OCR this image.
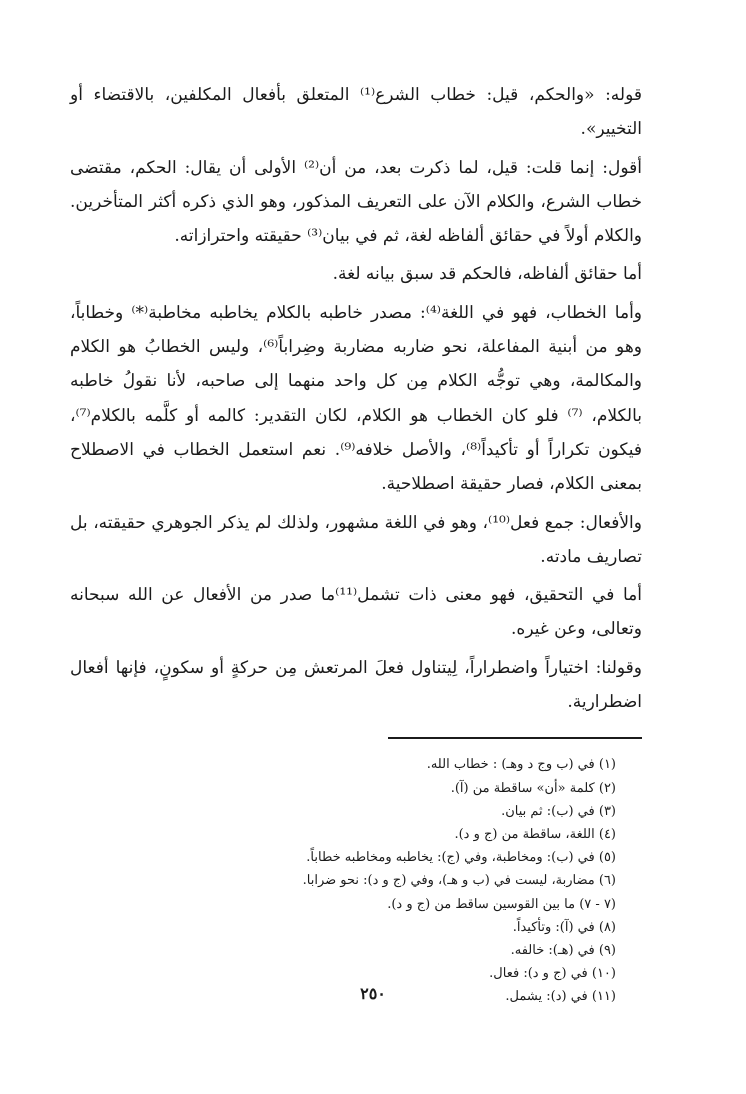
قوله: «والحكم، قيل: خطاب الشرع⁽¹⁾ المتعلق بأفعال المكلفين، بالاقتضاء أو التخيير».

أقول: إنما قلت: قيل، لما ذكرت بعد، من أن⁽²⁾ الأولى أن يقال: الحكم، مقتضى خطاب الشرع، والكلام الآن على التعريف المذكور، وهو الذي ذكره أكثر المتأخرين. والكلام أولاً في حقائق ألفاظه لغة، ثم في بيان⁽³⁾ حقيقته واحترازاته.

أما حقائق ألفاظه، فالحكم قد سبق بيانه لغة.

وأما الخطاب، فهو في اللغة⁽⁴⁾: مصدر خاطبه بالكلام يخاطبه مخاطبة⁽*⁾ وخطاباً، وهو من أبنية المفاعلة، نحو ضاربه مضاربة وضِراباً⁽⁶⁾، وليس الخطابُ هو الكلام والمكالمة، وهي توجُّه الكلام مِن كل واحد منهما إلى صاحبه، لأنا نقولُ خاطبه بالكلام، ⁽⁷⁾ فلو كان الخطاب هو الكلام، لكان التقدير: كالمه أو كلَّمه بالكلام⁽⁷⁾، فيكون تكراراً أو تأكيداً⁽⁸⁾، والأصل خلافه⁽⁹⁾. نعم استعمل الخطاب في الاصطلاح بمعنى الكلام، فصار حقيقة اصطلاحية.

والأفعال: جمع فعل⁽¹⁰⁾، وهو في اللغة مشهور، ولذلك لم يذكر الجوهري حقيقته، بل تصاريف مادته.

أما في التحقيق، فهو معنى ذات تشمل⁽¹¹⁾ما صدر من الأفعال عن الله سبحانه وتعالى، وعن غيره.

وقولنا: اختياراً واضطراراً، لِيتناول فعلَ المرتعش مِن حركةٍ أو سكونٍ، فإنها أفعال اضطرارية.

(١) في (ب وج د وهـ) : خطاب الله.
(٢) كلمة «أن» ساقطة من (آ).
(٣) في (ب): ثم بيان.
(٤) اللغة، ساقطة من (ج و د).
(٥) في (ب): ومخاطبة، وفي (ج): يخاطبه ومخاطبه خطاباً.
(٦) مضاربة، ليست في (ب و هـ)، وفي (ج و د): نحو ضرابا.
(٧ - ٧) ما بين القوسين ساقط من (ج و د).
(٨) في (آ): وتأكيداً.
(٩) في (هـ): خالفه.
(١٠) في (ج و د): فعال.
(١١) في (د): يشمل.
٢٥٠
